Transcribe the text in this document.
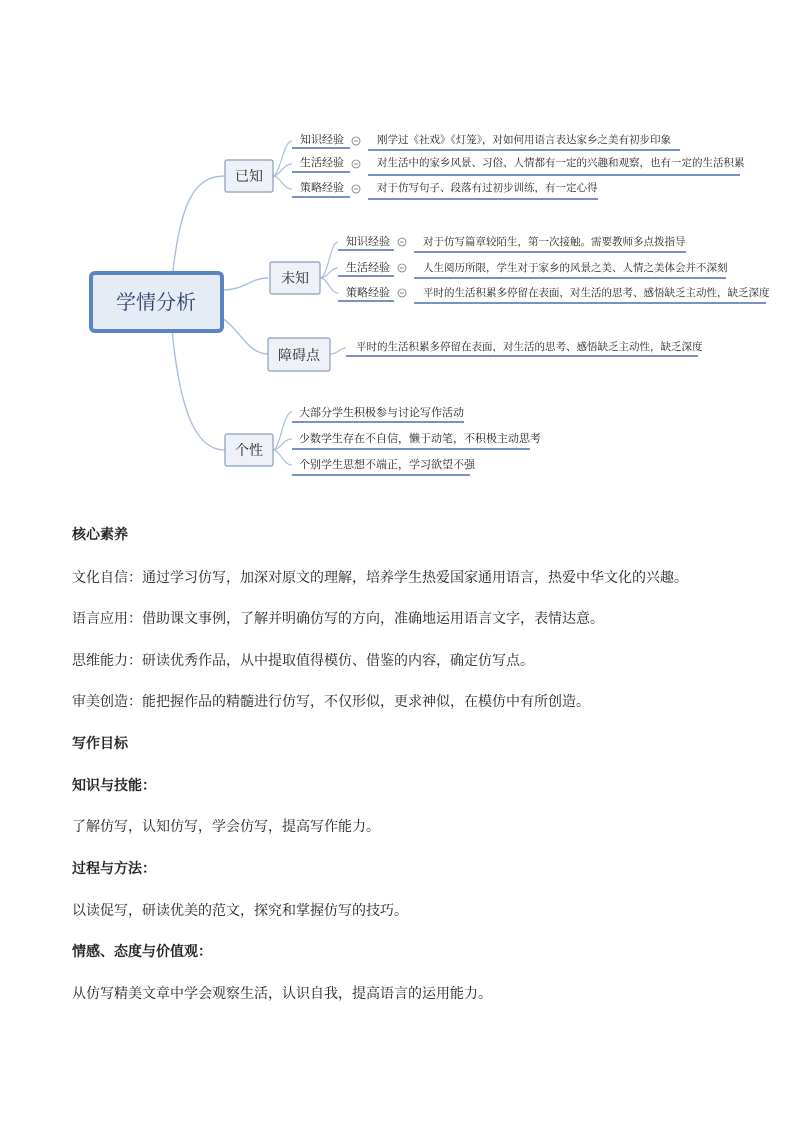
学情分析
已知
知识经验	刚学过《社戏》《灯笼》，对如何用语言表达家乡之美有初步印象
生活经验	对生活中的家乡风景、习俗、人情都有一定的兴趣和观察，也有一定的生活积累
策略经验	对于仿写句子、段落有过初步训练，有一定心得
未知
知识经验	对于仿写篇章较陌生，第一次接触。需要教师多点拨指导
生活经验	人生阅历所限，学生对于家乡的风景之美、人情之美体会并不深刻
策略经验	平时的生活积累多停留在表面，对生活的思考、感悟缺乏主动性，缺乏深度
障碍点
平时的生活积累多停留在表面，对生活的思考、感悟缺乏主动性，缺乏深度
个性
大部分学生积极参与讨论写作活动
少数学生存在不自信，懒于动笔，不积极主动思考
个别学生思想不端正，学习欲望不强
核心素养
文化自信：通过学习仿写，加深对原文的理解，培养学生热爱国家通用语言，热爱中华文化的兴趣。
语言应用：借助课文事例，了解并明确仿写的方向，准确地运用语言文字，表情达意。
思维能力：研读优秀作品，从中提取值得模仿、借鉴的内容，确定仿写点。
审美创造：能把握作品的精髓进行仿写，不仅形似，更求神似，在模仿中有所创造。
写作目标
知识与技能：
了解仿写，认知仿写，学会仿写，提高写作能力。
过程与方法：
以读促写，研读优美的范文，探究和掌握仿写的技巧。
情感、态度与价值观：
从仿写精美文章中学会观察生活，认识自我，提高语言的运用能力。
